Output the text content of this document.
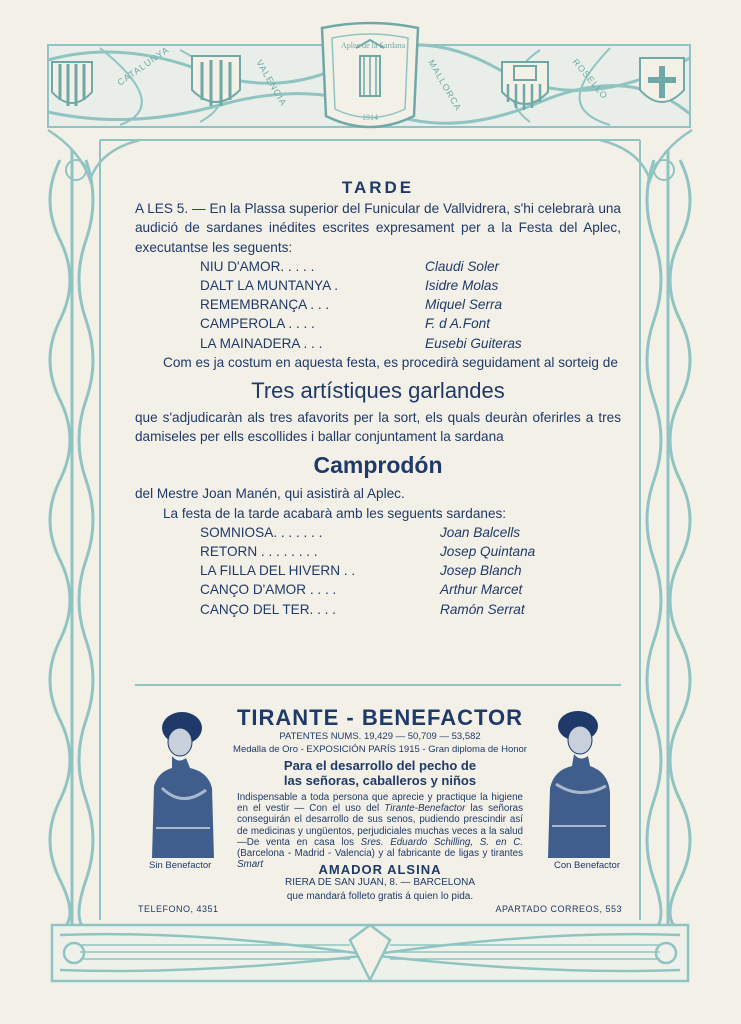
CATALUNYA	VALENCIA	MALLORCA	ROSELLO
Aplec de la Sardana
1914
TARDE
A LES 5. — En la Plassa superior del Funicular de Vallvidrera, s'hi celebrarà una audició de sardanes inédites escrites expresament per a la Festa del Aplec, executantse les seguents:
NIU D'AMOR. . . . .	Claudi Soler
DALT LA MUNTANYA .	Isidre Molas
REMEMBRANÇA . . .	Miquel Serra
CAMPEROLA . . . .	F. d A.Font
LA MAINADERA . . .	Eusebi Guiteras
Com es ja costum en aquesta festa, es procedirà seguidament al sorteig de
Tres artístiques garlandes
que s'adjudicaràn als tres afavorits per la sort, els quals deuràn oferirles a tres damiseles per ells escollides i ballar conjuntament la sardana
Camprodón
del Mestre Joan Manén, qui asistirà al Aplec.
La festa de la tarde acabarà amb les seguents sardanes:
SOMNIOSA. . . . . . .	Joan Balcells
RETORN . . . . . . . .	Josep Quintana
LA FILLA DEL HIVERN . .	Josep Blanch
CANÇO D'AMOR . . . .	Arthur Marcet
CANÇO DEL TER. . . .	Ramón Serrat
Sin Benefactor	Con Benefactor
TIRANTE - BENEFACTOR
PATENTES NUMS. 19,429 — 50,709 — 53,582
Medalla de Oro - EXPOSICIÓN PARÍS 1915 - Gran diploma de Honor
Para el desarrollo del pecho de
las señoras, caballeros y niños
Indispensable a toda persona que aprecie y practique la higiene en el vestir — Con el uso del Tirante-Benefactor las señoras conseguirán el desarrollo de sus senos, pudiendo prescindir así de medicinas y ungüentos, perjudiciales muchas veces a la salud—De venta en casa los Sres. Eduardo Schilling, S. en C. (Barcelona - Madrid - Valencia) y al fabricante de ligas y tirantes Smart	AMADOR ALSINA
RIERA DE SAN JUAN, 8. — BARCELONA
que mandará folleto gratis á quien lo pida.
TELEFONO, 4351	APARTADO CORREOS, 553
